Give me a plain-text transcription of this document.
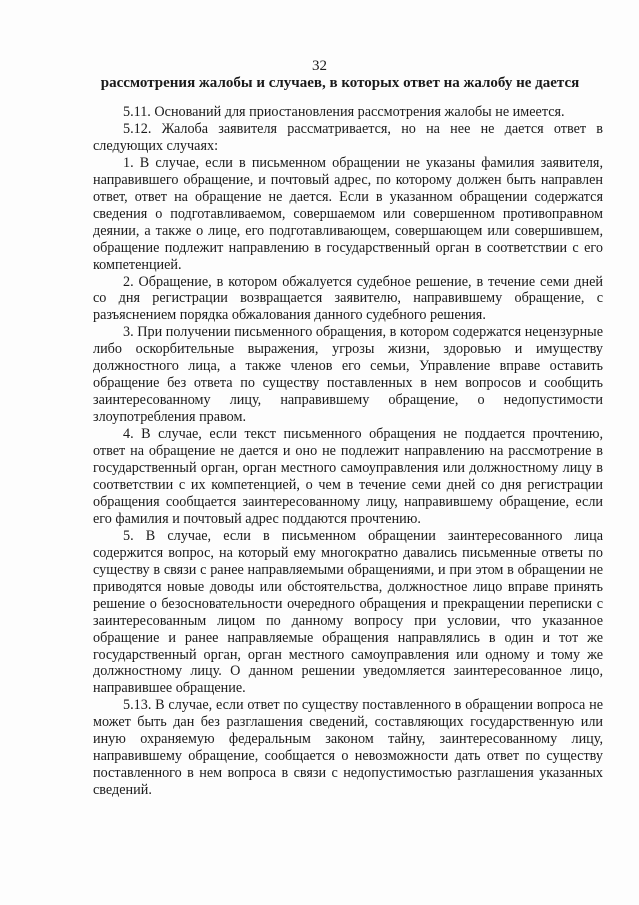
32
рассмотрения жалобы и случаев, в которых ответ на жалобу не дается

5.11. Оснований для приостановления рассмотрения жалобы не имеется.

5.12. Жалоба заявителя рассматривается, но на нее не дается ответ в следующих случаях:

1. В случае, если в письменном обращении не указаны фамилия заявителя, направившего обращение, и почтовый адрес, по которому должен быть направлен ответ, ответ на обращение не дается. Если в указанном обращении содержатся сведения о подготавливаемом, совершаемом или совершенном противоправном деянии, а также о лице, его подготавливающем, совершающем или совершившем, обращение подлежит направлению в государственный орган в соответствии с его компетенцией.

2. Обращение, в котором обжалуется судебное решение, в течение семи дней со дня регистрации возвращается заявителю, направившему обращение, с разъяснением порядка обжалования данного судебного решения.

3. При получении письменного обращения, в котором содержатся нецензурные либо оскорбительные выражения, угрозы жизни, здоровью и имуществу должностного лица, а также членов его семьи, Управление вправе оставить обращение без ответа по существу поставленных в нем вопросов и сообщить заинтересованному лицу, направившему обращение, о недопустимости злоупотребления правом.

4. В случае, если текст письменного обращения не поддается прочтению, ответ на обращение не дается и оно не подлежит направлению на рассмотрение в государственный орган, орган местного самоуправления или должностному лицу в соответствии с их компетенцией, о чем в течение семи дней со дня регистрации обращения сообщается заинтересованному лицу, направившему обращение, если его фамилия и почтовый адрес поддаются прочтению.

5. В случае, если в письменном обращении заинтересованного лица содержится вопрос, на который ему многократно давались письменные ответы по существу в связи с ранее направляемыми обращениями, и при этом в обращении не приводятся новые доводы или обстоятельства, должностное лицо вправе принять решение о безосновательности очередного обращения и прекращении переписки с заинтересованным лицом по данному вопросу при условии, что указанное обращение и ранее направляемые обращения направлялись в один и тот же государственный орган, орган местного самоуправления или одному и тому же должностному лицу. О данном решении уведомляется заинтересованное лицо, направившее обращение.

5.13. В случае, если ответ по существу поставленного в обращении вопроса не может быть дан без разглашения сведений, составляющих государственную или иную охраняемую федеральным законом тайну, заинтересованному лицу, направившему обращение, сообщается о невозможности дать ответ по существу поставленного в нем вопроса в связи с недопустимостью разглашения указанных сведений.
